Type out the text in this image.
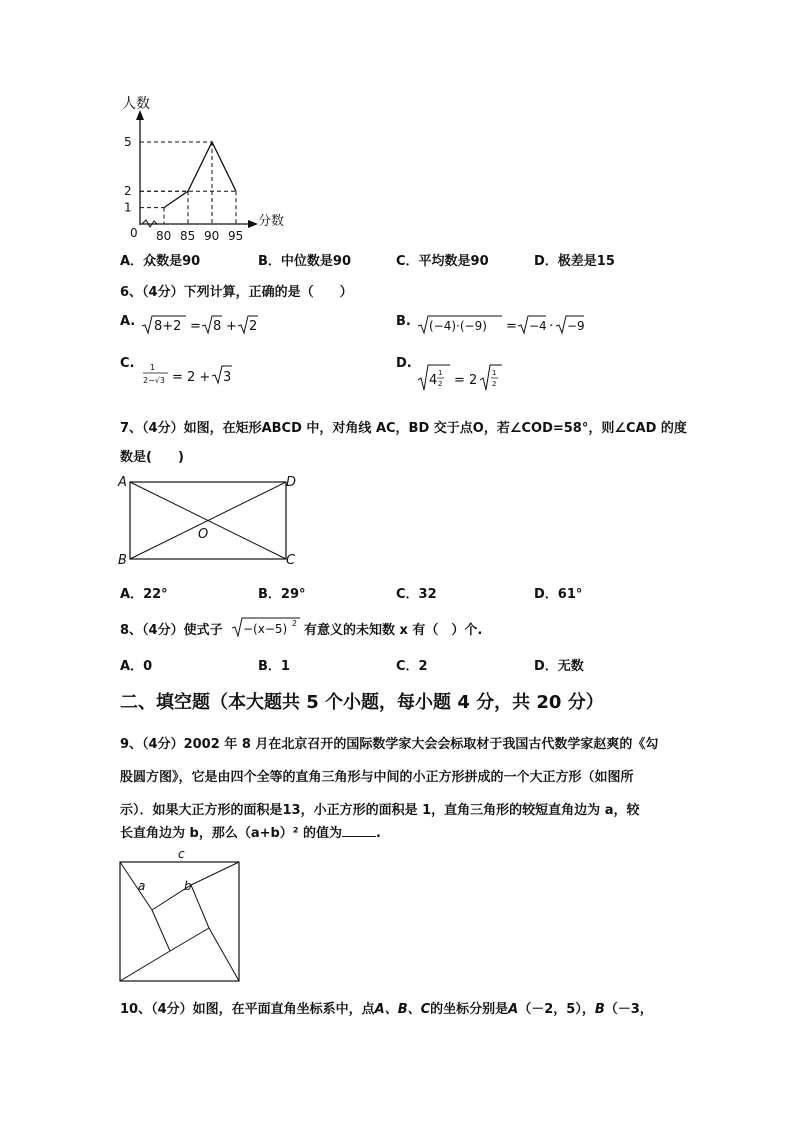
80 85 90 95
1
2
5
人数
分数
0
A．众数是90	B．中位数是90	C．平均数是90	D．极差是15
6、（4分）下列计算，正确的是（　　）
A. 8+2 = 8 + 2	B. (−4)·(−9) = −4 · −9
C. 1
2−√3 = 2 + 3
D.
4 1
2 = 2 1
2
7、（4分）如图，在矩形ABCD 中，对角线 AC，BD 交于点O，若∠COD=58°，则∠CAD 的度
数是(　　)
A	D
B	C
O
A．22°	B．29°	C．32	D．61°
8、（4分）使式子 −(x−5) 2 有意义的未知数 x 有（　）个.
A．0	B．1	C．2	D．无数
二、填空题（本大题共 5 个小题，每小题 4 分，共 20 分）
9、（4分）2002 年 8 月在北京召开的国际数学家大会会标取材于我国古代数学家赵爽的《勾
股圆方图》，它是由四个全等的直角三角形与中间的小正方形拼成的一个大正方形（如图所
示）．如果大正方形的面积是13，小正方形的面积是 1，直角三角形的较短直角边为 a，较
长直角边为 b，那么（a+b）² 的值为	.
c
a	b
10、（4分）如图，在平面直角坐标系中，点A、B、C的坐标分别是A（－2，5），B（－3，
